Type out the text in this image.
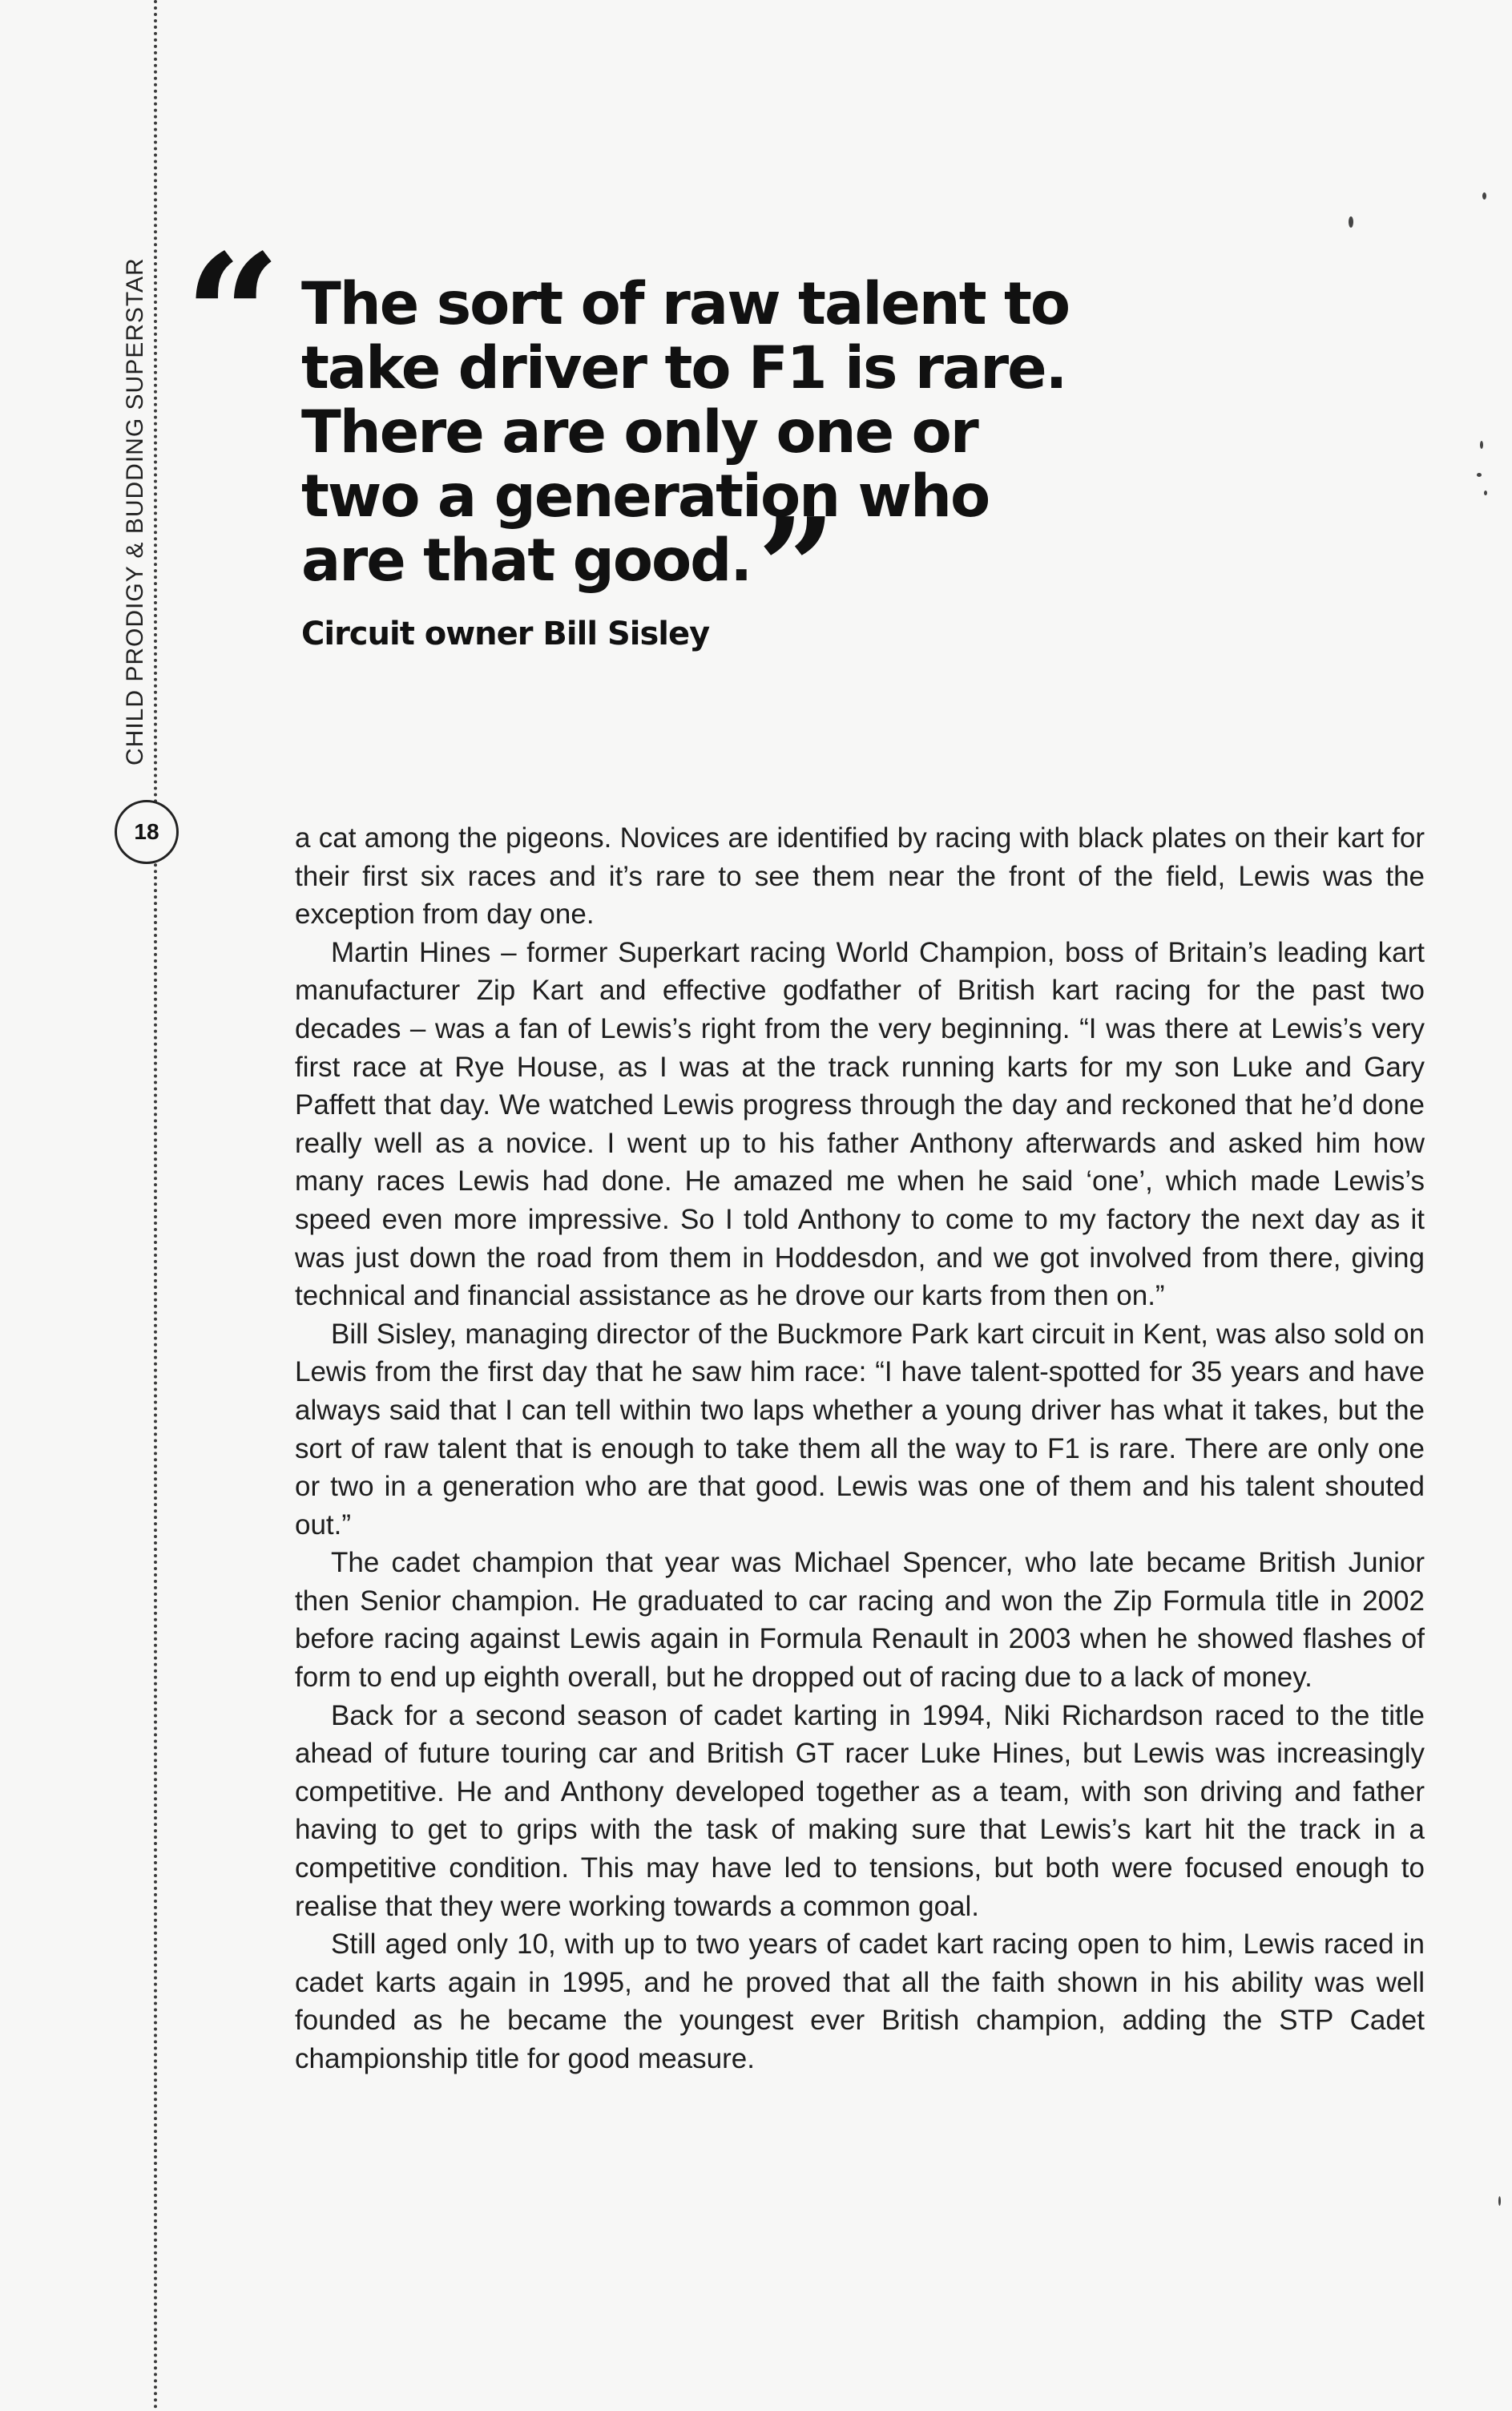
CHILD PRODIGY & BUDDING SUPERSTAR
18
“ The sort of raw talent to take driver to F1 is rare. There are only one or two a generation who are that good.”
Circuit owner Bill Sisley

a cat among the pigeons. Novices are identified by racing with black plates on their kart for their first six races and it’s rare to see them near the front of the field, Lewis was the exception from day one.

Martin Hines – former Superkart racing World Champion, boss of Britain’s leading kart manufacturer Zip Kart and effective godfather of British kart racing for the past two decades – was a fan of Lewis’s right from the very beginning. “I was there at Lewis’s very first race at Rye House, as I was at the track running karts for my son Luke and Gary Paffett that day. We watched Lewis progress through the day and reckoned that he’d done really well as a novice. I went up to his father Anthony afterwards and asked him how many races Lewis had done. He amazed me when he said ‘one’, which made Lewis’s speed even more impressive. So I told Anthony to come to my factory the next day as it was just down the road from them in Hoddesdon, and we got involved from there, giving technical and financial assistance as he drove our karts from then on.”

Bill Sisley, managing director of the Buckmore Park kart circuit in Kent, was also sold on Lewis from the first day that he saw him race: “I have talent-spotted for 35 years and have always said that I can tell within two laps whether a young driver has what it takes, but the sort of raw talent that is enough to take them all the way to F1 is rare. There are only one or two in a generation who are that good. Lewis was one of them and his talent shouted out.”

The cadet champion that year was Michael Spencer, who late became British Junior then Senior champion. He graduated to car racing and won the Zip Formula title in 2002 before racing against Lewis again in Formula Renault in 2003 when he showed flashes of form to end up eighth overall, but he dropped out of racing due to a lack of money.

Back for a second season of cadet karting in 1994, Niki Richardson raced to the title ahead of future touring car and British GT racer Luke Hines, but Lewis was increasingly competitive. He and Anthony developed together as a team, with son driving and father having to get to grips with the task of making sure that Lewis’s kart hit the track in a competitive condition. This may have led to tensions, but both were focused enough to realise that they were working towards a common goal.

Still aged only 10, with up to two years of cadet kart racing open to him, Lewis raced in cadet karts again in 1995, and he proved that all the faith shown in his ability was well founded as he became the youngest ever British champion, adding the STP Cadet championship title for good measure.
